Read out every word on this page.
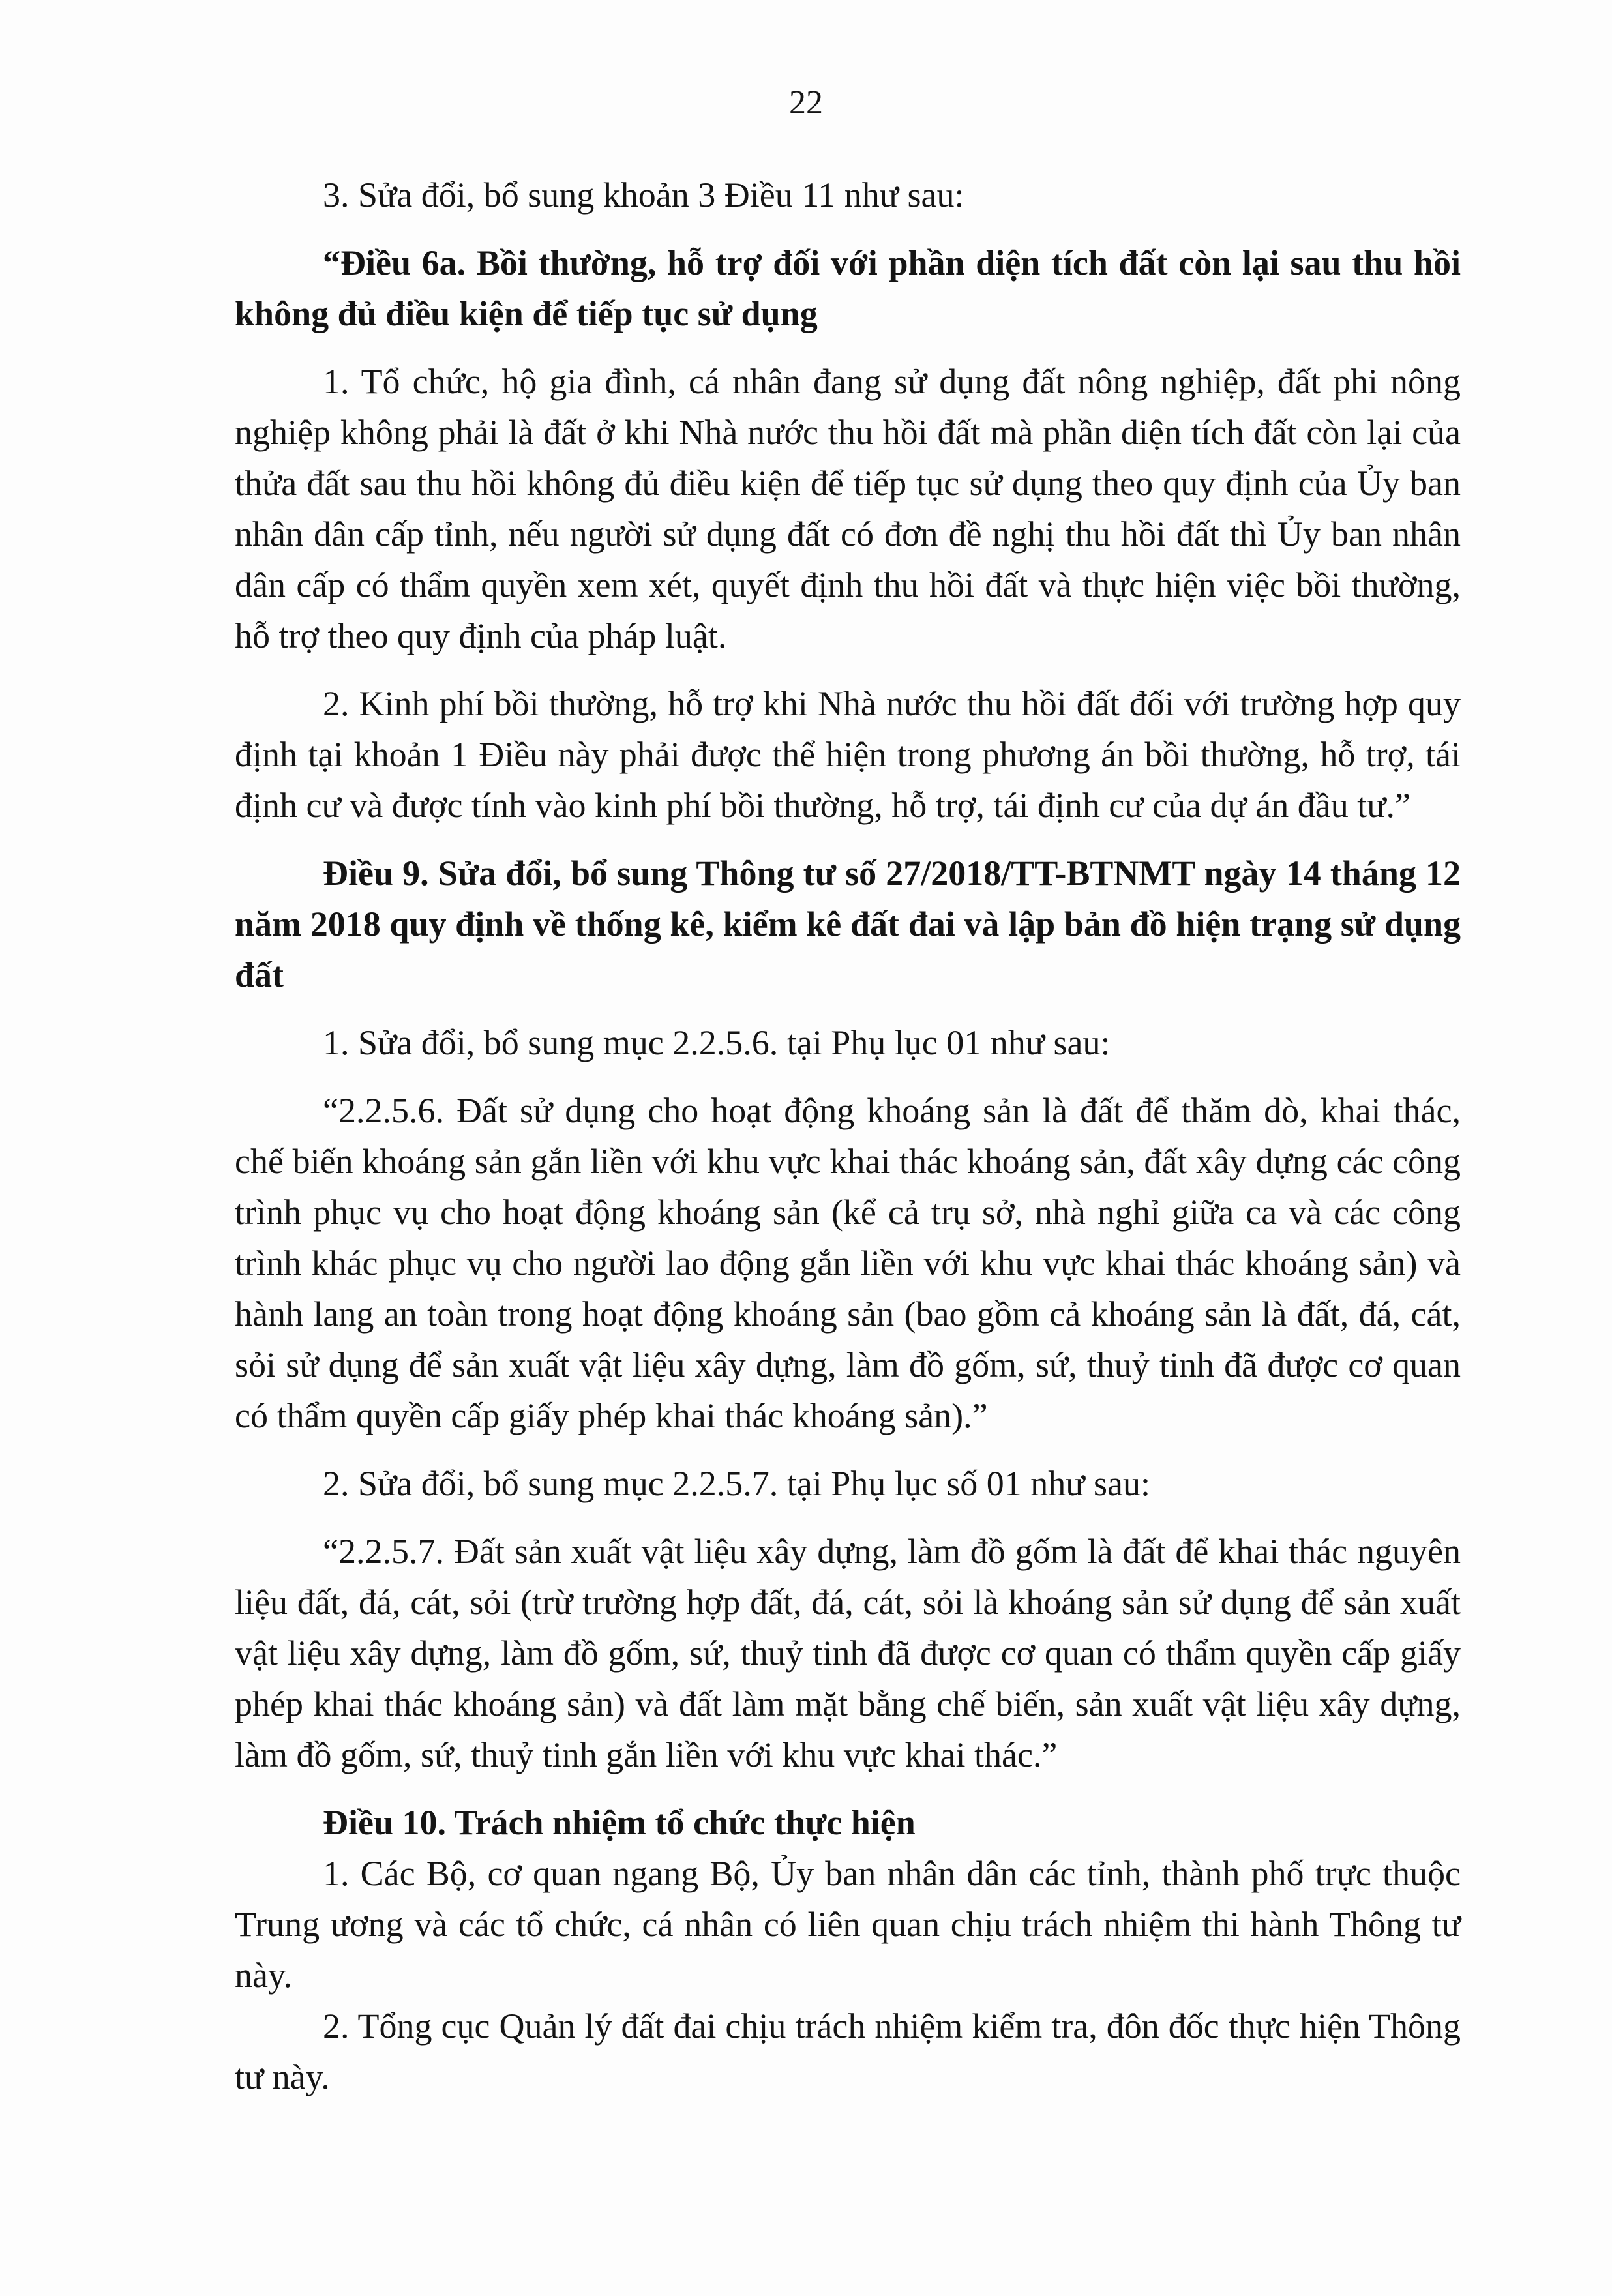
22

3. Sửa đổi, bổ sung khoản 3 Điều 11 như sau:

“Điều 6a. Bồi thường, hỗ trợ đối với phần diện tích đất còn lại sau thu hồi không đủ điều kiện để tiếp tục sử dụng

1. Tổ chức, hộ gia đình, cá nhân đang sử dụng đất nông nghiệp, đất phi nông nghiệp không phải là đất ở khi Nhà nước thu hồi đất mà phần diện tích đất còn lại của thửa đất sau thu hồi không đủ điều kiện để tiếp tục sử dụng theo quy định của Ủy ban nhân dân cấp tỉnh, nếu người sử dụng đất có đơn đề nghị thu hồi đất thì Ủy ban nhân dân cấp có thẩm quyền xem xét, quyết định thu hồi đất và thực hiện việc bồi thường, hỗ trợ theo quy định của pháp luật.

2. Kinh phí bồi thường, hỗ trợ khi Nhà nước thu hồi đất đối với trường hợp quy định tại khoản 1 Điều này phải được thể hiện trong phương án bồi thường, hỗ trợ, tái định cư và được tính vào kinh phí bồi thường, hỗ trợ, tái định cư của dự án đầu tư.”

Điều 9. Sửa đổi, bổ sung Thông tư số 27/2018/TT-BTNMT ngày 14 tháng 12 năm 2018 quy định về thống kê, kiểm kê đất đai và lập bản đồ hiện trạng sử dụng đất

1. Sửa đổi, bổ sung mục 2.2.5.6. tại Phụ lục 01 như sau:

“2.2.5.6. Đất sử dụng cho hoạt động khoáng sản là đất để thăm dò, khai thác, chế biến khoáng sản gắn liền với khu vực khai thác khoáng sản, đất xây dựng các công trình phục vụ cho hoạt động khoáng sản (kể cả trụ sở, nhà nghỉ giữa ca và các công trình khác phục vụ cho người lao động gắn liền với khu vực khai thác khoáng sản) và hành lang an toàn trong hoạt động khoáng sản (bao gồm cả khoáng sản là đất, đá, cát, sỏi sử dụng để sản xuất vật liệu xây dựng, làm đồ gốm, sứ, thuỷ tinh đã được cơ quan có thẩm quyền cấp giấy phép khai thác khoáng sản).”

2. Sửa đổi, bổ sung mục 2.2.5.7. tại Phụ lục số 01 như sau:

“2.2.5.7. Đất sản xuất vật liệu xây dựng, làm đồ gốm là đất để khai thác nguyên liệu đất, đá, cát, sỏi (trừ trường hợp đất, đá, cát, sỏi là khoáng sản sử dụng để sản xuất vật liệu xây dựng, làm đồ gốm, sứ, thuỷ tinh đã được cơ quan có thẩm quyền cấp giấy phép khai thác khoáng sản) và đất làm mặt bằng chế biến, sản xuất vật liệu xây dựng, làm đồ gốm, sứ, thuỷ tinh gắn liền với khu vực khai thác.”

Điều 10. Trách nhiệm tổ chức thực hiện

1. Các Bộ, cơ quan ngang Bộ, Ủy ban nhân dân các tỉnh, thành phố trực thuộc Trung ương và các tổ chức, cá nhân có liên quan chịu trách nhiệm thi hành Thông tư này.

2. Tổng cục Quản lý đất đai chịu trách nhiệm kiểm tra, đôn đốc thực hiện Thông tư này.
